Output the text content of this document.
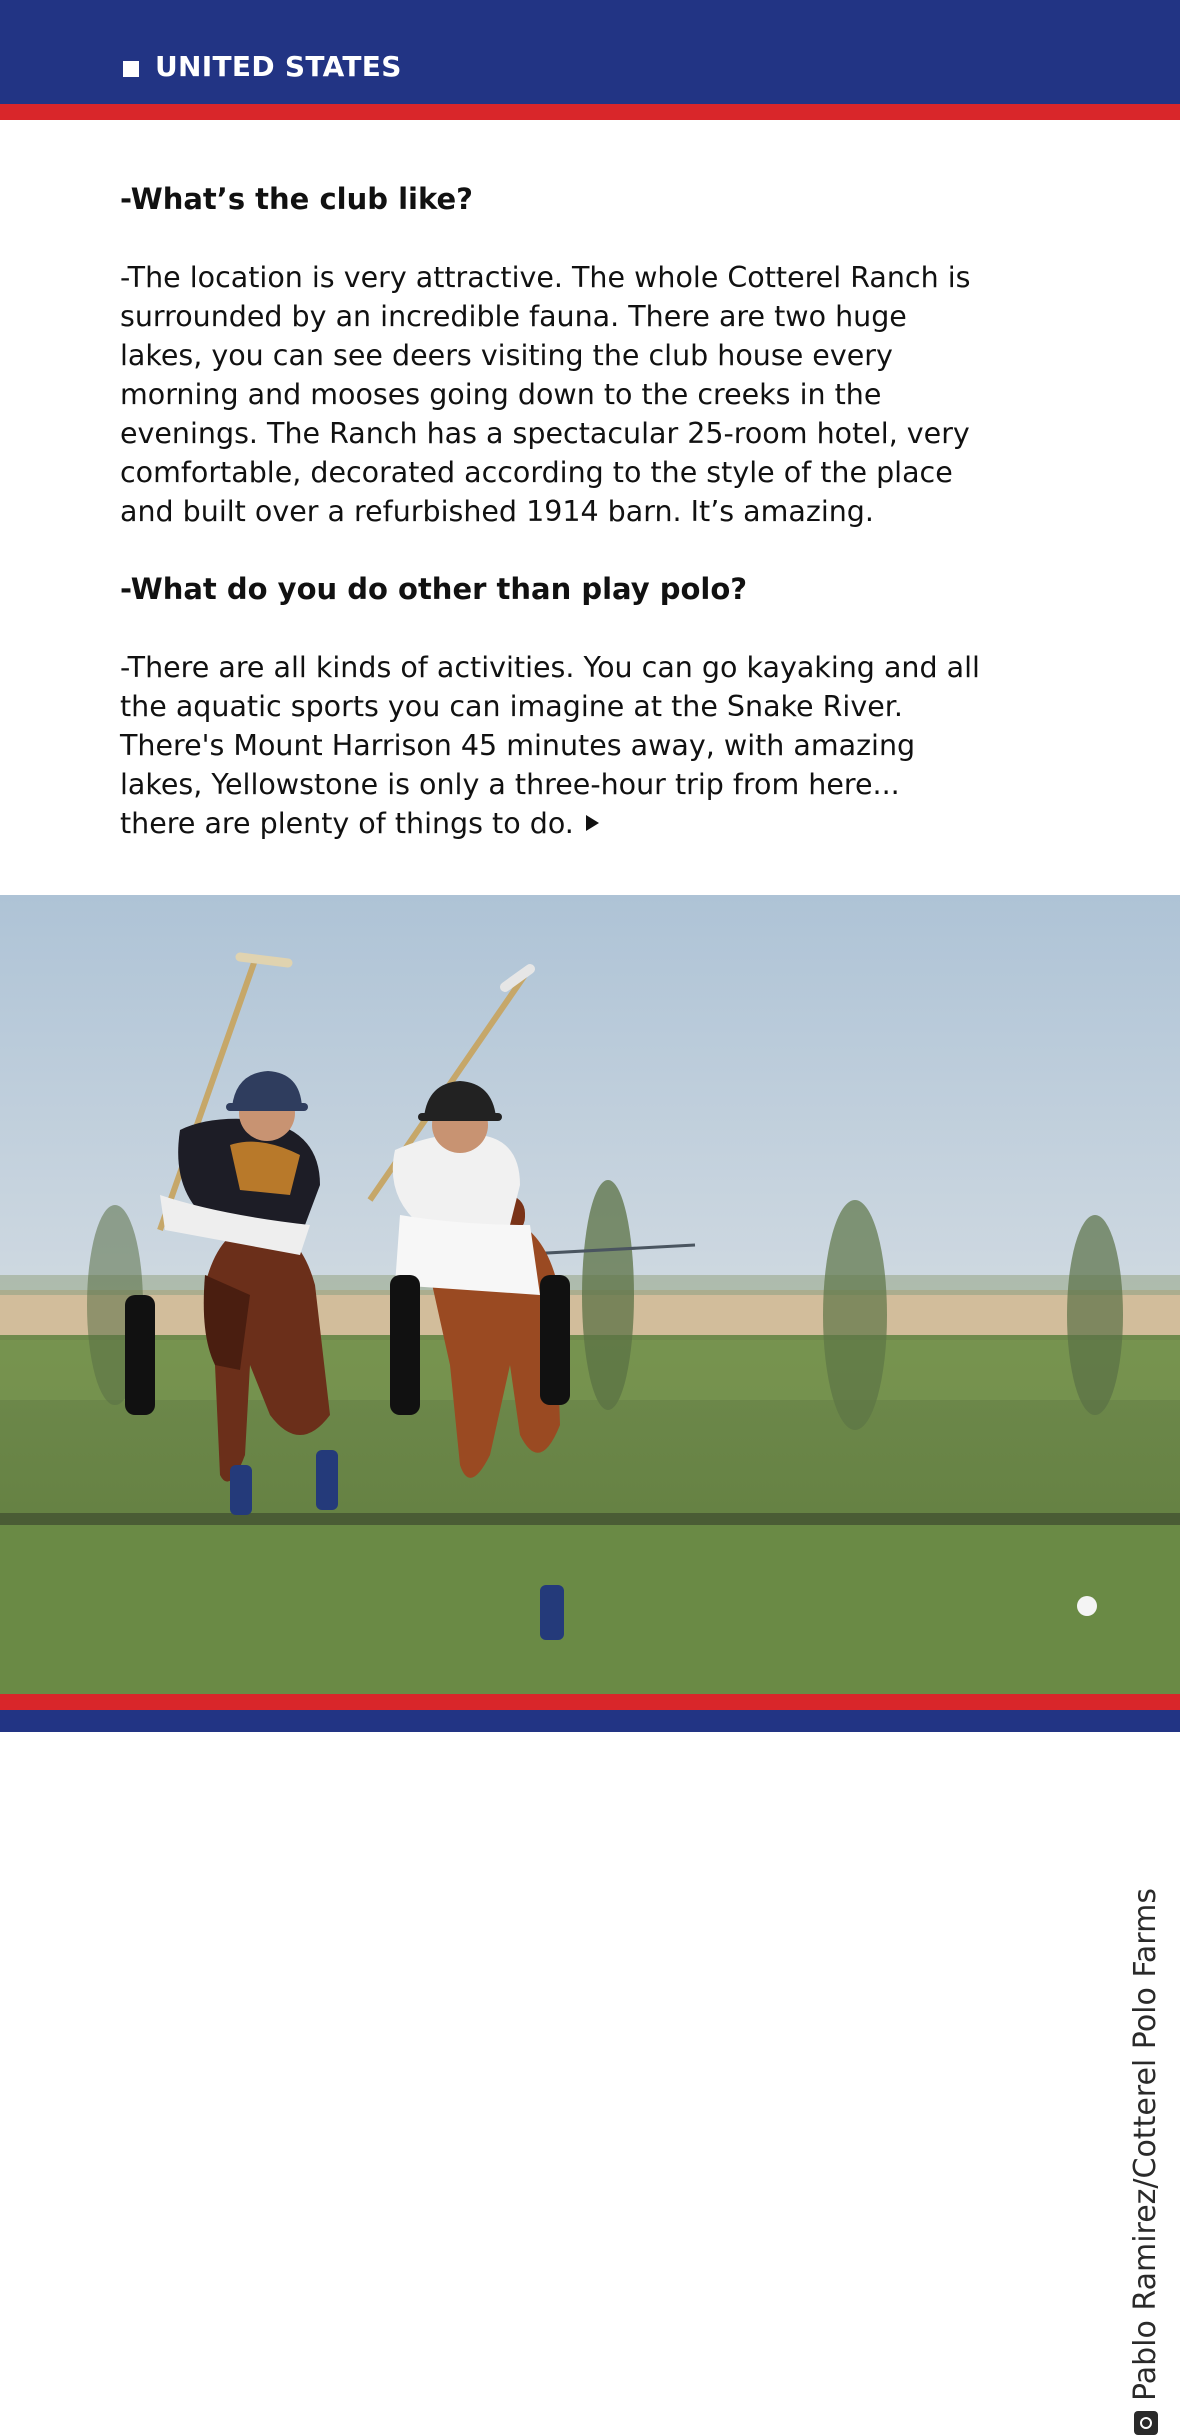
UNITED STATES
-What’s the club like?
-The location is very attractive. The whole Cotterel Ranch is
surrounded by an incredible fauna. There are two huge
lakes, you can see deers visiting the club house every
morning and mooses going down to the creeks in the
evenings. The Ranch has a spectacular 25-room hotel, very
comfortable, decorated according to the style of the place
and built over a refurbished 1914 barn. It’s amazing.
-What do you do other than play polo?
-There are all kinds of activities. You can go kayaking and all
the aquatic sports you can imagine at the Snake River.
There's Mount Harrison 45 minutes away, with amazing
lakes, Yellowstone is only a three-hour trip from here...
there are plenty of things to do.
Pablo Ramirez/Cotterel Polo Farms
